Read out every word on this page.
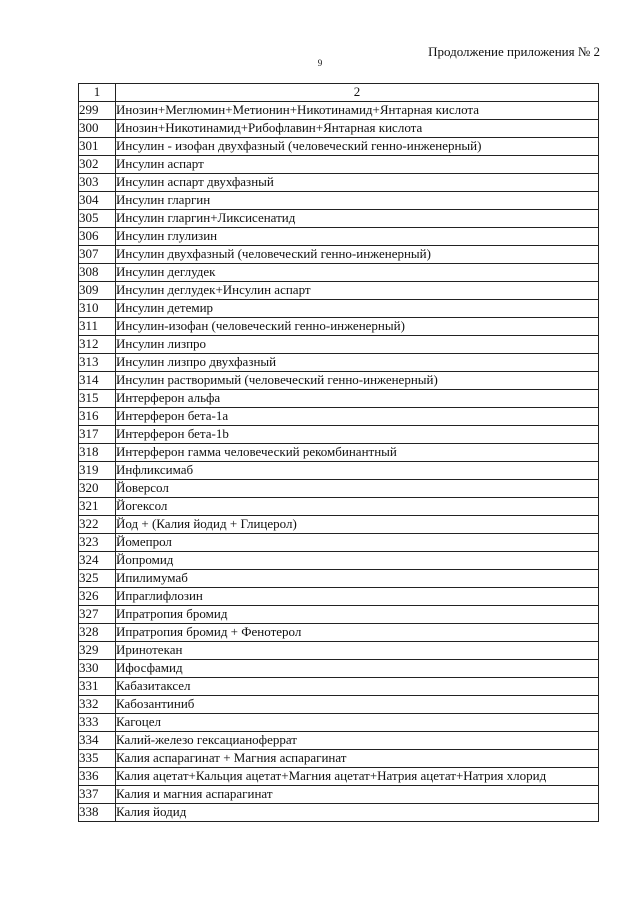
Продолжение приложения № 2
9
1	2
299	Инозин+Меглюмин+Метионин+Никотинамид+Янтарная кислота
300	Инозин+Никотинамид+Рибофлавин+Янтарная кислота
301	Инсулин - изофан двухфазный (человеческий генно-инженерный)
302	Инсулин аспарт
303	Инсулин аспарт двухфазный
304	Инсулин гларгин
305	Инсулин гларгин+Ликсисенатид
306	Инсулин глулизин
307	Инсулин двухфазный (человеческий генно-инженерный)
308	Инсулин деглудек
309	Инсулин деглудек+Инсулин аспарт
310	Инсулин детемир
311	Инсулин-изофан (человеческий генно-инженерный)
312	Инсулин лизпро
313	Инсулин лизпро двухфазный
314	Инсулин растворимый (человеческий генно-инженерный)
315	Интерферон альфа
316	Интерферон бета-1а
317	Интерферон бета-1b
318	Интерферон гамма человеческий рекомбинантный
319	Инфликсимаб
320	Йоверсол
321	Йогексол
322	Йод + (Калия йодид + Глицерол)
323	Йомепрол
324	Йопромид
325	Ипилимумаб
326	Ипраглифлозин
327	Ипратропия бромид
328	Ипратропия бромид + Фенотерол
329	Иринотекан
330	Ифосфамид
331	Кабазитаксел
332	Кабозантиниб
333	Кагоцел
334	Калий-железо гексацианоферрат
335	Калия аспарагинат + Магния аспарагинат
336	Калия ацетат+Кальция ацетат+Магния ацетат+Натрия ацетат+Натрия хлорид
337	Калия и магния аспарагинат
338	Калия йодид
